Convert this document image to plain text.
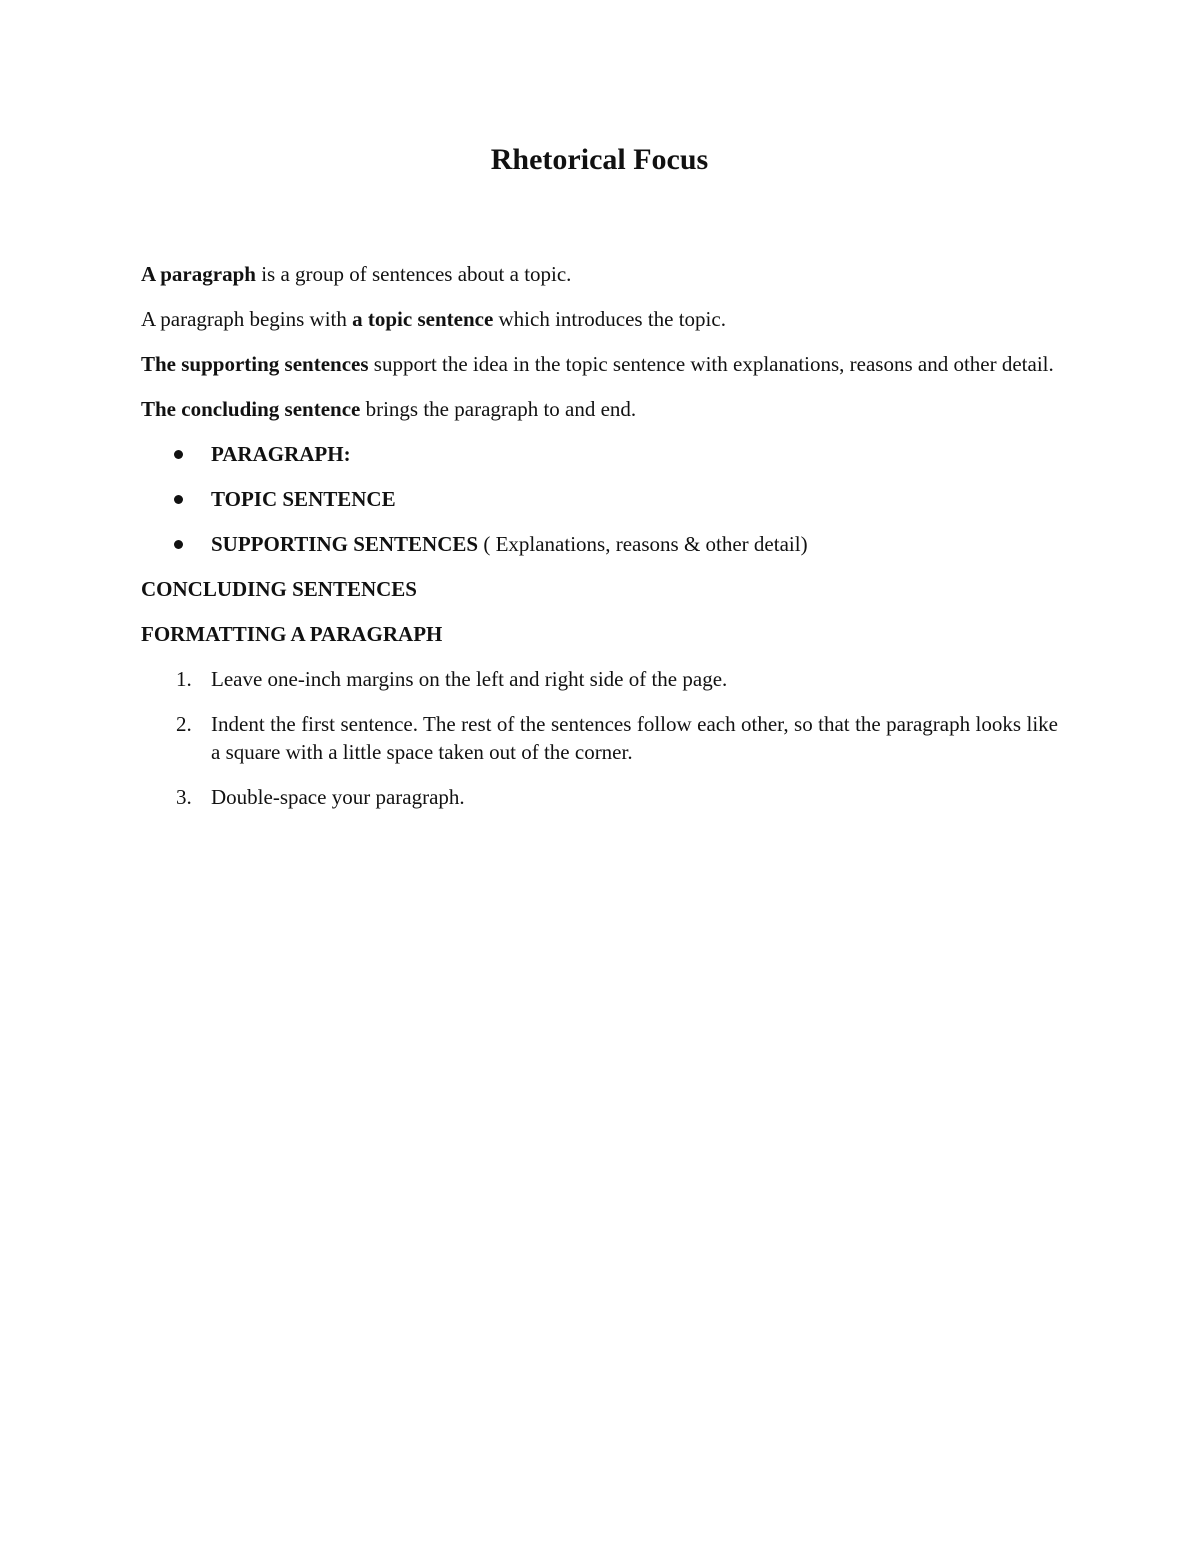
Rhetorical Focus

A paragraph is a group of sentences about a topic.

A paragraph begins with a topic sentence which introduces the topic.

The supporting sentences support the idea in the topic sentence with explanations, reasons and other detail.

The concluding sentence brings the paragraph to and end.

PARAGRAPH:
TOPIC SENTENCE
SUPPORTING SENTENCES ( Explanations, reasons & other detail)

CONCLUDING SENTENCES

FORMATTING A PARAGRAPH

1. Leave one-inch margins on the left and right side of the page.
2. Indent the first sentence. The rest of the sentences follow each other, so that the paragraph looks like a square with a little space taken out of the corner.
3. Double-space your paragraph.
